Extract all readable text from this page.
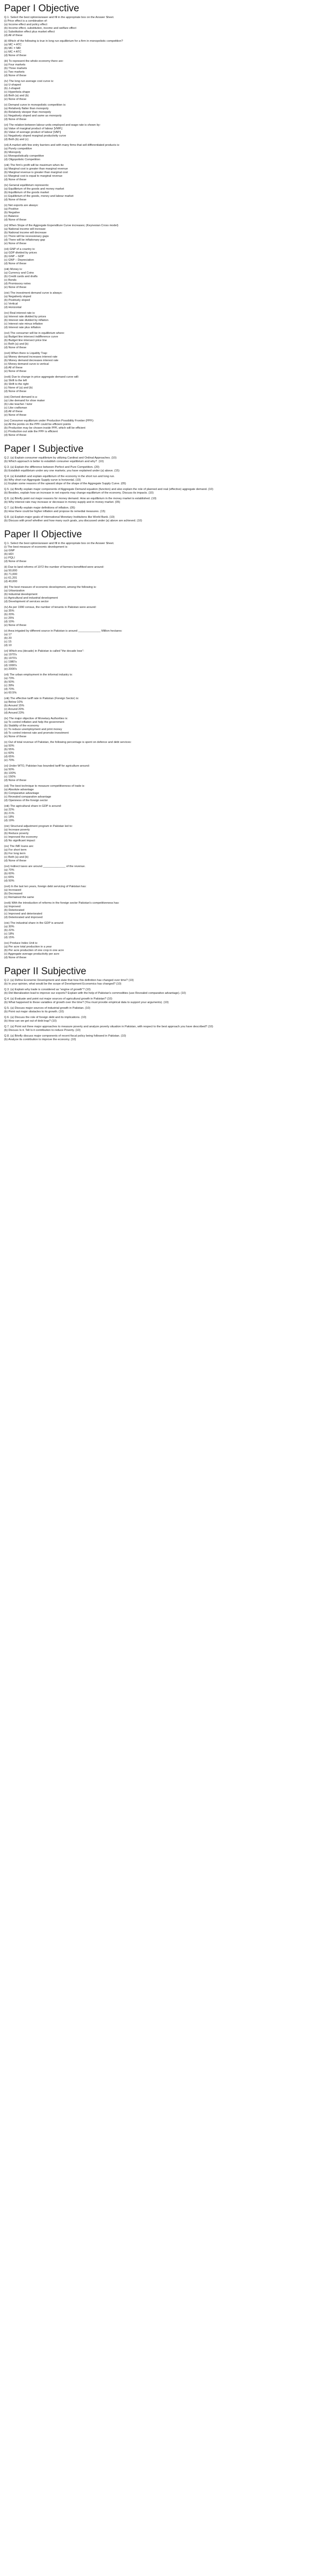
Paper I Objective

Q.1. Select the best option/answer and fill in the appropriate box on the Answer Sheet.

(i) Price effect is a combination of:

(a) Income effect and policy effect

(b) Income effect, substitution, income and welfare effect

(c) Substitution effect plus market effect

(d) All of these

(ii) Which of the following is true in long run equilibrium for a firm in monopolistic competition?

(a) MC = ATC

(b) MC = MR

(c) MC ≠ ATC

(d) None of these

(iii) To represent the whole economy there are:

(a) Four markets

(b) Three markets

(c) Two markets

(d) None of these

(iv) The long run average cost curve is:

(a) U-shaped

(b) J-shaped

(c) Hyperbola shape

(d) Both (a) and (b)

(e) None of these

(v) Demand curve in monopolistic competition is:

(a) Relatively flatter than monopoly

(b) Relatively steeper than monopoly

(c) Negatively sloped and same as monopoly

(d) None of these

(vi) The relation between labour units employed and wage rate is shown by:

(a) Value of marginal product of labour [VMPₗ]

(b) Value of average product of labour [VAPₗ]

(c) Negatively sloped marginal productivity curve

(d) Both (b) and (c)

(vii) A market with few entry barriers and with many firms that sell differentiated products is:

(a) Purely competitive

(b) Monopoly

(c) Monopolistically competitive

(d) Oligopolistic Competition

(viii) The firm's profit will be maximum when its:

(a) Marginal cost is greater than marginal revenue

(b) Marginal revenue is greater than marginal cost

(c) Marginal cost is equal to marginal revenue

(d) None of these

(ix) General equilibrium represents:

(a) Equilibrium of the goods and money market

(b) Equilibrium of the goods market

(c) Equilibrium of the goods, money and labour market

(d) None of these

(x) Net exports are always:

(a) Positive

(b) Negative

(c) Balance

(d) None of these

(xi) When Slope of the Aggregate Expenditure Curve increases; (Keynesian Cross model)

(a) National income will increase

(b) National income will decrease

(c) There will be recessionary gaps

(d) There will be inflationary gap

(e) None of these

(xii) GNP of a country is:

(a) GDP divided by prices

(b) GNP – GDP

(c) GNP – Depreciation

(d) None of these

(xiii) Money is:

(a) Currency and Coins

(b) Credit cards and drafts

(c) Bonds

(d) Promissory notes

(e) None of these

(xiv) The investment demand curve is always:

(a) Negatively sloped

(b) Positively sloped

(c) Vertical

(d) Horizontal

(xv) Real interest rate is:

(a) Interest rate divided by prices

(b) Interest rate divided by inflation

(c) Interest rate minus inflation

(d) Interest rate plus inflation

(xvi) The consumer will be in equilibrium where:

(a) Budget line intersect indifference curve

(b) Budget line intersect price line

(c) Both (a) and (b)

(d) None of these

(xvii) When there is Liquidity Trap:

(a) Money demand increases interest rate

(b) Money demand decreases interest rate

(c) Money demand curve is vertical

(d) All of these

(e) None of these

(xviii) Due to change in price aggregate demand curve will:

(a) Shift to the left

(b) Shift to the right

(c) None of (a) and (b)

(d) None of these

(xix) Derived demand is a:

(a) Like demand for shoe maker

(b) Like teacher / tutor

(c) Like craftsman

(d) All of these

(e) None of these

(xx) Consumer equilibrium under Production Possibility Frontier (PPF):

(a) All the points on the PPF could be efficient points

(b) Production may be chosen inside PPF, which will be efficient

(c) Production out side the PPF is efficient

(d) None of these

Paper I Subjective

Q.2. (a) Explain consumer equilibrium by utilizing Cardinal and Ordinal Approaches. (10)

(b) Which approach is better to establish consumer equilibrium and why?  (10)

Q.3. (a) Explain the difference between Perfect and Pure Competition. (20)

(b) Establish equilibrium under any one markets; you have explained under (a) above. (15)

Q.4. (a) Establish and explain equilibrium of the economy in the short run and long run.

(b) Why short run Aggregate Supply curve is horizontal. (10)

(c) Explain some reasons of the upward slope of the shape of the Aggregate Supply Curve. (05)

Q.5. (a) Briefly explain major components of Aggregate Demand equation (function) and also explain the role of planned and real (effective) aggregate demand. (10)

(b) Besides, explain how an increase in net exports may change equilibrium of the economy. Discuss its impacts. (10)

Q.6. (a) Briefly point out major reasons for money demand. How an equilibrium in the money market is established. (10)

(b) Why interest rate may increase or decrease in money supply and in money market. (05)

Q.7. (a) Briefly explain major definitions of inflation. (05)

(b) How there could be higher inflation and propose its remedial measures. (15)

Q.8. (a) Explain major goals of International Monetary Institutions like World Bank. (10)

(b) Discuss with proof whether and how many such goals, you discussed under (a) above are achieved. (10)

Paper II Objective

Q.1. Select the best option/answer and fill in the appropriate box on the Answer Sheet.

(i) The best measure of economic development is:

(a) GNP

(b) HDI

(c) PQLI

(d) None of these

(ii) Due to land reforms of 1972 the number of farmers benefitted were around:

(a) 50,000

(b) 71,000

(c) 61,201

(d) 40,000

(iii) The best measure of economic development, among the following is:

(a) Urbanization

(b) Industrial development

(c) Agricultural and industrial development

(d) Development of services sector

(iv) As per 1990 census, the number of tenants in Pakistan were around:

(a) 35%

(b) 20%

(c) 25%

(d) 10%

(e) None of these

(v) Area irrigated by different source in Pakistan is around ______________ Million hectares:

(a) 17

(b) 20

(c) 15

(d) 10

(vi) Which era (decade) in Pakistan is called “the decade lose”:

(a) 1970's

(b) 1970's

(c) 1980's

(d) 1990's

(e) 2000's

(vii) The urban employment in the informal industry is:

(a) 73%

(b) 50%

(c) 39%

(d) 70%

(e) 60.5%

(viii) The effective tariff rate in Pakistan (Foreign Sector) is:

(a) Below 10%

(b) Around 15%

(c) Around 20%

(d) Around 23%

(ix) The major objective of Monetary Authorities is:

(a) To control inflation and help the government

(b) Stability of the economy

(c) To reduce unemployment and print money

(d) To control interest rate and promote investment

(e) None of these

(x) Out of total revenue of Pakistan, the following percentage is spent on defence and debt services:

(a) 50%

(b) 55%

(c) 60%

(d) 65%

(e) 70%

(xi) Under WTO, Pakistan has bounded tariff for agriculture around:

(a) 50%

(b) 100%

(c) 150%

(d) None of these

(xii) The best technique to measure competitiveness of trade is:

(a) Absolute advantage

(b) Comparative advantage

(c) Revealed comparative advantage

(d) Openness of the foreign sector

(xiii) The agricultural share in GDP is around:

(a) 22%

(b) 21%

(c) 18%

(d) 19%

(xiv) Structural adjustment program in Pakistan led to:

(a) Increase poverty

(b) Reduce poverty

(c) Improved the economy

(d) No significant impact

(xv) The IMF loans are:

(a) For short term

(b) For long term

(c) Both (a) and (b)

(d) None of these

(xvi) Indirect taxes are around ______________ of the revenue.

(a) 70%

(b) 60%

(c) 65%

(d) 50%

(xvii) In the last ten years, foreign debt servicing of Pakistan has:

(a) Increased

(b) Decreased

(c) Remained the same

(xviii) With the introduction of reforms in the foreign sector Pakistan's competitiveness has:

(a) Improved

(b) Deteriorated

(c) Improved and deteriorated

(d) Deteriorated and improved

(xix) The industrial share in the GDP is around:

(a) 30%

(b) 22%

(c) 18%

(d) 15%

(xx) Produce Index Unit is:

(a) Per acre total production in a year

(b) Per acre production of one crop in one acre

(c) Aggregate average productivity per acre

(d) None of these

Paper II Subjective

Q.2. (a) Define Economic Development and state that how this definition has changed over time? (10)

(b) In your opinion, what would be the scope of Development Economics has changed? (10)

Q.3. (a) Explain why trade is considered as “engine of growth”? (10)

(b) Did liberalization lead to improve our exports? Explain with the help of Pakistan's commodities (use Revealed comparative advantage). (10)

Q.4. (a) Evaluate and point out major sources of agricultural growth in Pakistan? (10)

(b) What happened to these variables of growth over the time? (You must provide empirical data to support your arguments). (10)

Q.5. (a) Discuss major sources of industrial growth in Pakistan. (10)

(b) Point out major obstacles to its growth. (10)

Q.6. (a) Discuss the role of foreign debt and its implications. (10)

(b) How can we get out of debt trap? (10)

Q.7. (a) Point out three major approaches to measure poverty and analyze poverty situation in Pakistan, with respect to the best approach you have described? (10)

(b) Discuss Is it. Tell Is it contribution to reduce Poverty. (10)

Q.8. (a) Briefly discuss major components of recent fiscal policy being followed in Pakistan. (10)

(b) Analyze its contribution to improve the economy. (10)
